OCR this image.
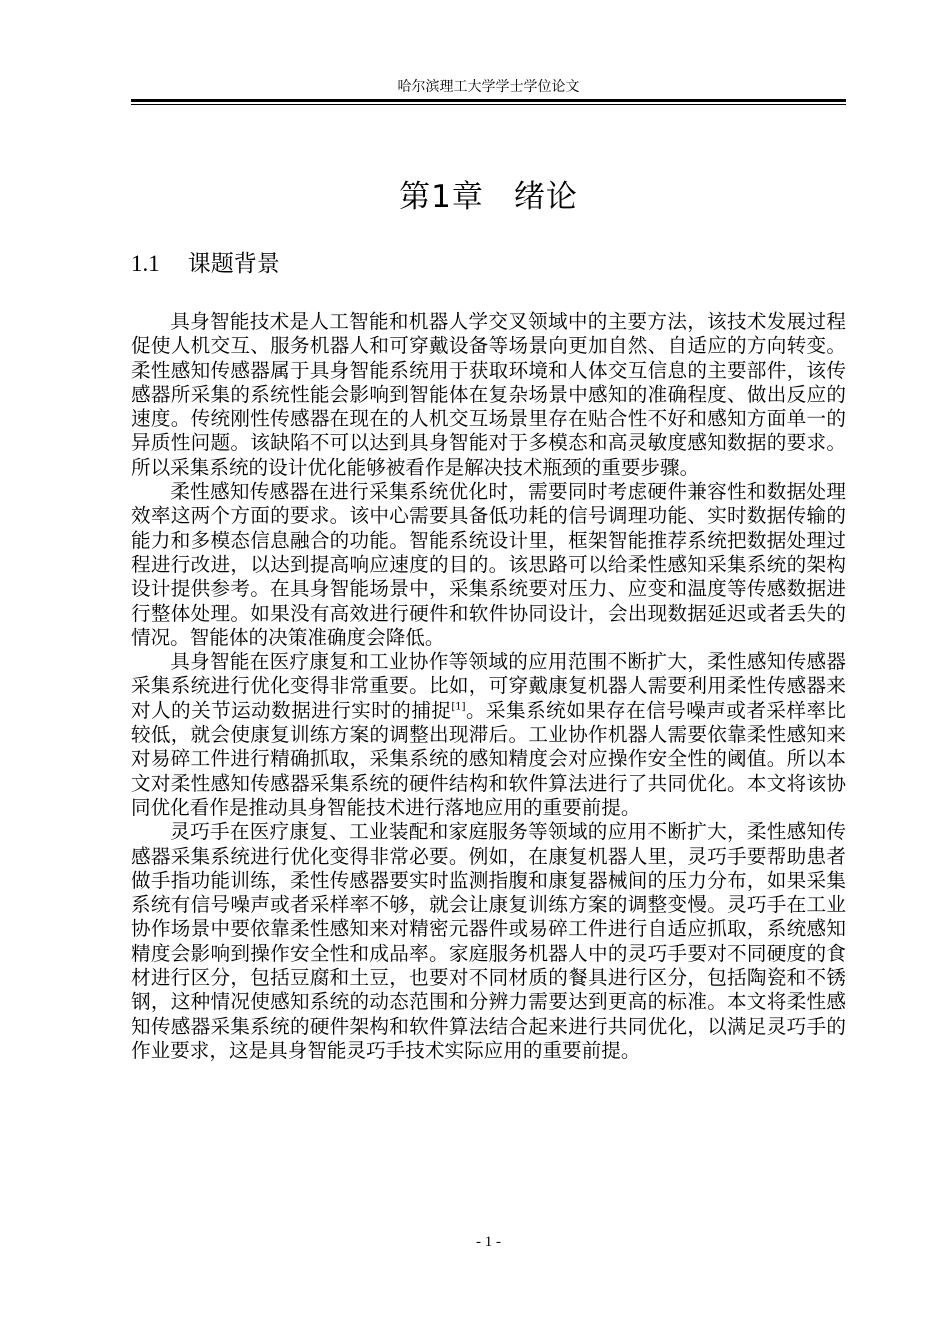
哈尔滨理工大学学士学位论文
第1章 绪论
1.1 课题背景

具身智能技术是人工智能和机器人学交叉领域中的主要方法，该技术发展过程促使人机交互、服务机器人和可穿戴设备等场景向更加自然、自适应的方向转变。柔性感知传感器属于具身智能系统用于获取环境和人体交互信息的主要部件，该传感器所采集的系统性能会影响到智能体在复杂场景中感知的准确程度、做出反应的速度。传统刚性传感器在现在的人机交互场景里存在贴合性不好和感知方面单一的异质性问题。该缺陷不可以达到具身智能对于多模态和高灵敏度感知数据的要求。所以采集系统的设计优化能够被看作是解决技术瓶颈的重要步骤。

柔性感知传感器在进行采集系统优化时，需要同时考虑硬件兼容性和数据处理效率这两个方面的要求。该中心需要具备低功耗的信号调理功能、实时数据传输的能力和多模态信息融合的功能。智能系统设计里，框架智能推荐系统把数据处理过程进行改进，以达到提高响应速度的目的。该思路可以给柔性感知采集系统的架构设计提供参考。在具身智能场景中，采集系统要对压力、应变和温度等传感数据进行整体处理。如果没有高效进行硬件和软件协同设计，会出现数据延迟或者丢失的情况。智能体的决策准确度会降低。

具身智能在医疗康复和工业协作等领域的应用范围不断扩大，柔性感知传感器采集系统进行优化变得非常重要。比如，可穿戴康复机器人需要利用柔性传感器来对人的关节运动数据进行实时的捕捉[1]。采集系统如果存在信号噪声或者采样率比较低，就会使康复训练方案的调整出现滞后。工业协作机器人需要依靠柔性感知来对易碎工件进行精确抓取，采集系统的感知精度会对应操作安全性的阈值。所以本文对柔性感知传感器采集系统的硬件结构和软件算法进行了共同优化。本文将该协同优化看作是推动具身智能技术进行落地应用的重要前提。

灵巧手在医疗康复、工业装配和家庭服务等领域的应用不断扩大，柔性感知传感器采集系统进行优化变得非常必要。例如，在康复机器人里，灵巧手要帮助患者做手指功能训练，柔性传感器要实时监测指腹和康复器械间的压力分布，如果采集系统有信号噪声或者采样率不够，就会让康复训练方案的调整变慢。灵巧手在工业协作场景中要依靠柔性感知来对精密元器件或易碎工件进行自适应抓取，系统感知精度会影响到操作安全性和成品率。家庭服务机器人中的灵巧手要对不同硬度的食材进行区分，包括豆腐和土豆，也要对不同材质的餐具进行区分，包括陶瓷和不锈钢，这种情况使感知系统的动态范围和分辨力需要达到更高的标准。本文将柔性感知传感器采集系统的硬件架构和软件算法结合起来进行共同优化，以满足灵巧手的作业要求，这是具身智能灵巧手技术实际应用的重要前提。

- 1 -
